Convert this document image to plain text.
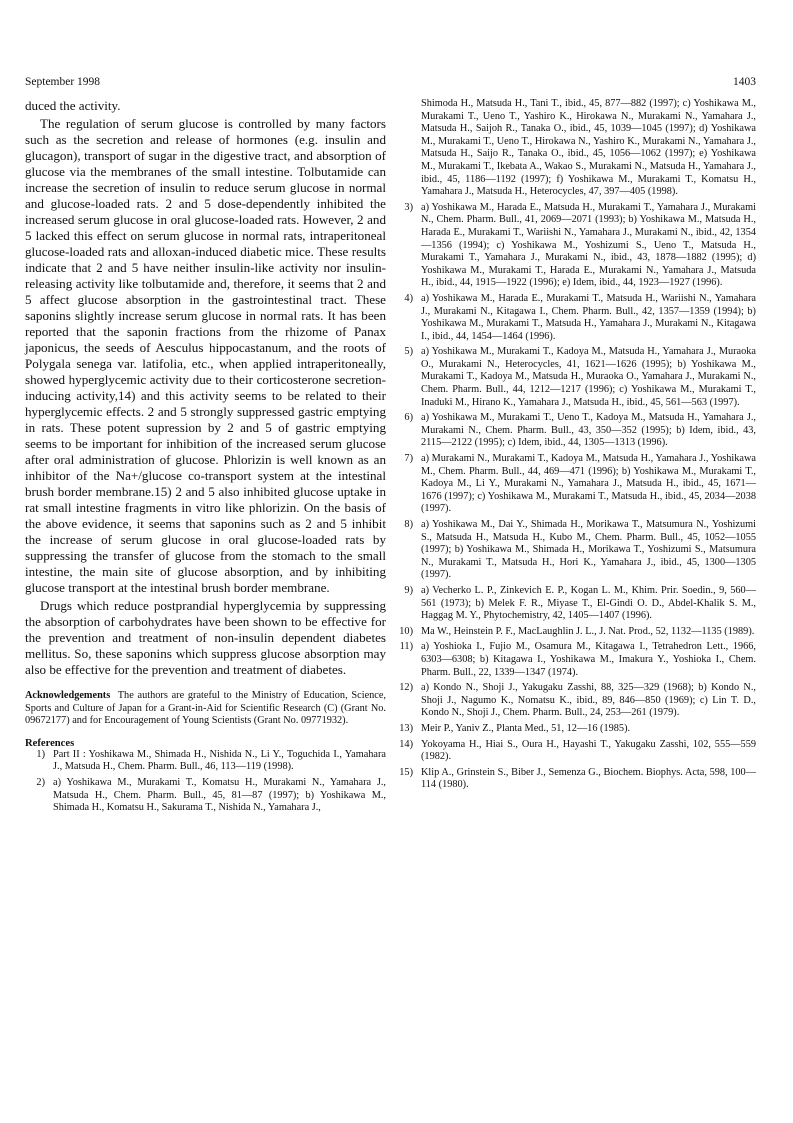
September 1998	1403

duced the activity.

The regulation of serum glucose is controlled by many factors such as the secretion and release of hormones (e.g. insulin and glucagon), transport of sugar in the digestive tract, and absorption of glucose via the membranes of the small intestine. Tolbutamide can increase the secretion of insulin to reduce serum glucose in normal and glucose-loaded rats. 2 and 5 dose-dependently inhibited the increased serum glucose in oral glucose-loaded rats. However, 2 and 5 lacked this effect on serum glucose in normal rats, intraperitoneal glucose-loaded rats and alloxan-induced diabetic mice. These results indicate that 2 and 5 have neither insulin-like activity nor insulin-releasing activity like tolbutamide and, therefore, it seems that 2 and 5 affect glucose absorption in the gastrointestinal tract. These saponins slightly increase serum glucose in normal rats. It has been reported that the saponin fractions from the rhizome of Panax japonicus, the seeds of Aesculus hippocastanum, and the roots of Polygala senega var. latifolia, etc., when applied intraperitoneally, showed hyperglycemic activity due to their corticosterone secretion-inducing activity,14) and this activity seems to be related to their hyperglycemic effects. 2 and 5 strongly suppressed gastric emptying in rats. These potent supression by 2 and 5 of gastric emptying seems to be important for inhibition of the increased serum glucose after oral administration of glucose. Phlorizin is well known as an inhibitor of the Na+/glucose co-transport system at the intestinal brush border membrane.15) 2 and 5 also inhibited glucose uptake in rat small intestine fragments in vitro like phlorizin. On the basis of the above evidence, it seems that saponins such as 2 and 5 inhibit the increase of serum glucose in oral glucose-loaded rats by suppressing the transfer of glucose from the stomach to the small intestine, the main site of glucose absorption, and by inhibiting glucose transport at the intestinal brush border membrane.

Drugs which reduce postprandial hyperglycemia by suppressing the absorption of carbohydrates have been shown to be effective for the prevention and treatment of non-insulin dependent diabetes mellitus. So, these saponins which suppress glucose absorption may also be effective for the prevention and treatment of diabetes.

Acknowledgements The authors are grateful to the Ministry of Education, Science, Sports and Culture of Japan for a Grant-in-Aid for Scientific Research (C) (Grant No. 09672177) and for Encouragement of Young Scientists (Grant No. 09771932).
References
1) Part II : Yoshikawa M., Shimada H., Nishida N., Li Y., Toguchida I., Yamahara J., Matsuda H., Chem. Pharm. Bull., 46, 113—119 (1998).
2) a) Yoshikawa M., Murakami T., Komatsu H., Murakami N., Yamahara J., Matsuda H., Chem. Pharm. Bull., 45, 81—87 (1997); b) Yoshikawa M., Shimada H., Komatsu H., Sakurama T., Nishida N., Yamahara J.,
Shimoda H., Matsuda H., Tani T., ibid., 45, 877—882 (1997); c) Yoshikawa M., Murakami T., Ueno T., Yashiro K., Hirokawa N., Murakami N., Yamahara J., Matsuda H., Saijoh R., Tanaka O., ibid., 45, 1039—1045 (1997); d) Yoshikawa M., Murakami T., Ueno T., Hirokawa N., Yashiro K., Murakami N., Yamahara J., Matsuda H., Saijo R., Tanaka O., ibid., 45, 1056—1062 (1997); e) Yoshikawa M., Murakami T., Ikebata A., Wakao S., Murakami N., Matsuda H., Yamahara J., ibid., 45, 1186—1192 (1997); f) Yoshikawa M., Murakami T., Komatsu H., Yamahara J., Matsuda H., Heterocycles, 47, 397—405 (1998).
3) a) Yoshikawa M., Harada E., Matsuda H., Murakami T., Yamahara J., Murakami N., Chem. Pharm. Bull., 41, 2069—2071 (1993); b) Yoshikawa M., Matsuda H., Harada E., Murakami T., Wariishi N., Yamahara J., Murakami N., ibid., 42, 1354—1356 (1994); c) Yoshikawa M., Yoshizumi S., Ueno T., Matsuda H., Murakami T., Yamahara J., Murakami N., ibid., 43, 1878—1882 (1995); d) Yoshikawa M., Murakami T., Harada E., Murakami N., Yamahara J., Matsuda H., ibid., 44, 1915—1922 (1996); e) Idem, ibid., 44, 1923—1927 (1996).
4) a) Yoshikawa M., Harada E., Murakami T., Matsuda H., Wariishi N., Yamahara J., Murakami N., Kitagawa I., Chem. Pharm. Bull., 42, 1357—1359 (1994); b) Yoshikawa M., Murakami T., Matsuda H., Yamahara J., Murakami N., Kitagawa I., ibid., 44, 1454—1464 (1996).
5) a) Yoshikawa M., Murakami T., Kadoya M., Matsuda H., Yamahara J., Muraoka O., Murakami N., Heterocycles, 41, 1621—1626 (1995); b) Yoshikawa M., Murakami T., Kadoya M., Matsuda H., Muraoka O., Yamahara J., Murakami N., Chem. Pharm. Bull., 44, 1212—1217 (1996); c) Yoshikawa M., Murakami T., Inaduki M., Hirano K., Yamahara J., Matsuda H., ibid., 45, 561—563 (1997).
6) a) Yoshikawa M., Murakami T., Ueno T., Kadoya M., Matsuda H., Yamahara J., Murakami N., Chem. Pharm. Bull., 43, 350—352 (1995); b) Idem, ibid., 43, 2115—2122 (1995); c) Idem, ibid., 44, 1305—1313 (1996).
7) a) Murakami N., Murakami T., Kadoya M., Matsuda H., Yamahara J., Yoshikawa M., Chem. Pharm. Bull., 44, 469—471 (1996); b) Yoshikawa M., Murakami T., Kadoya M., Li Y., Murakami N., Yamahara J., Matsuda H., ibid., 45, 1671—1676 (1997); c) Yoshikawa M., Murakami T., Matsuda H., ibid., 45, 2034—2038 (1997).
8) a) Yoshikawa M., Dai Y., Shimada H., Morikawa T., Matsumura N., Yoshizumi S., Matsuda H., Matsuda H., Kubo M., Chem. Pharm. Bull., 45, 1052—1055 (1997); b) Yoshikawa M., Shimada H., Morikawa T., Yoshizumi S., Matsumura N., Murakami T., Matsuda H., Hori K., Yamahara J., ibid., 45, 1300—1305 (1997).
9) a) Vecherko L. P., Zinkevich E. P., Kogan L. M., Khim. Prir. Soedin., 9, 560—561 (1973); b) Melek F. R., Miyase T., El-Gindi O. D., Abdel-Khalik S. M., Haggag M. Y., Phytochemistry, 42, 1405—1407 (1996).
10) Ma W., Heinstein P. F., MacLaughlin J. L., J. Nat. Prod., 52, 1132—1135 (1989).
11) a) Yoshioka I., Fujio M., Osamura M., Kitagawa I., Tetrahedron Lett., 1966, 6303—6308; b) Kitagawa I., Yoshikawa M., Imakura Y., Yoshioka I., Chem. Pharm. Bull., 22, 1339—1347 (1974).
12) a) Kondo N., Shoji J., Yakugaku Zasshi, 88, 325—329 (1968); b) Kondo N., Shoji J., Nagumo K., Nomatsu K., ibid., 89, 846—850 (1969); c) Lin T. D., Kondo N., Shoji J., Chem. Pharm. Bull., 24, 253—261 (1979).
13) Meir P., Yaniv Z., Planta Med., 51, 12—16 (1985).
14) Yokoyama H., Hiai S., Oura H., Hayashi T., Yakugaku Zasshi, 102, 555—559 (1982).
15) Klip A., Grinstein S., Biber J., Semenza G., Biochem. Biophys. Acta, 598, 100—114 (1980).
